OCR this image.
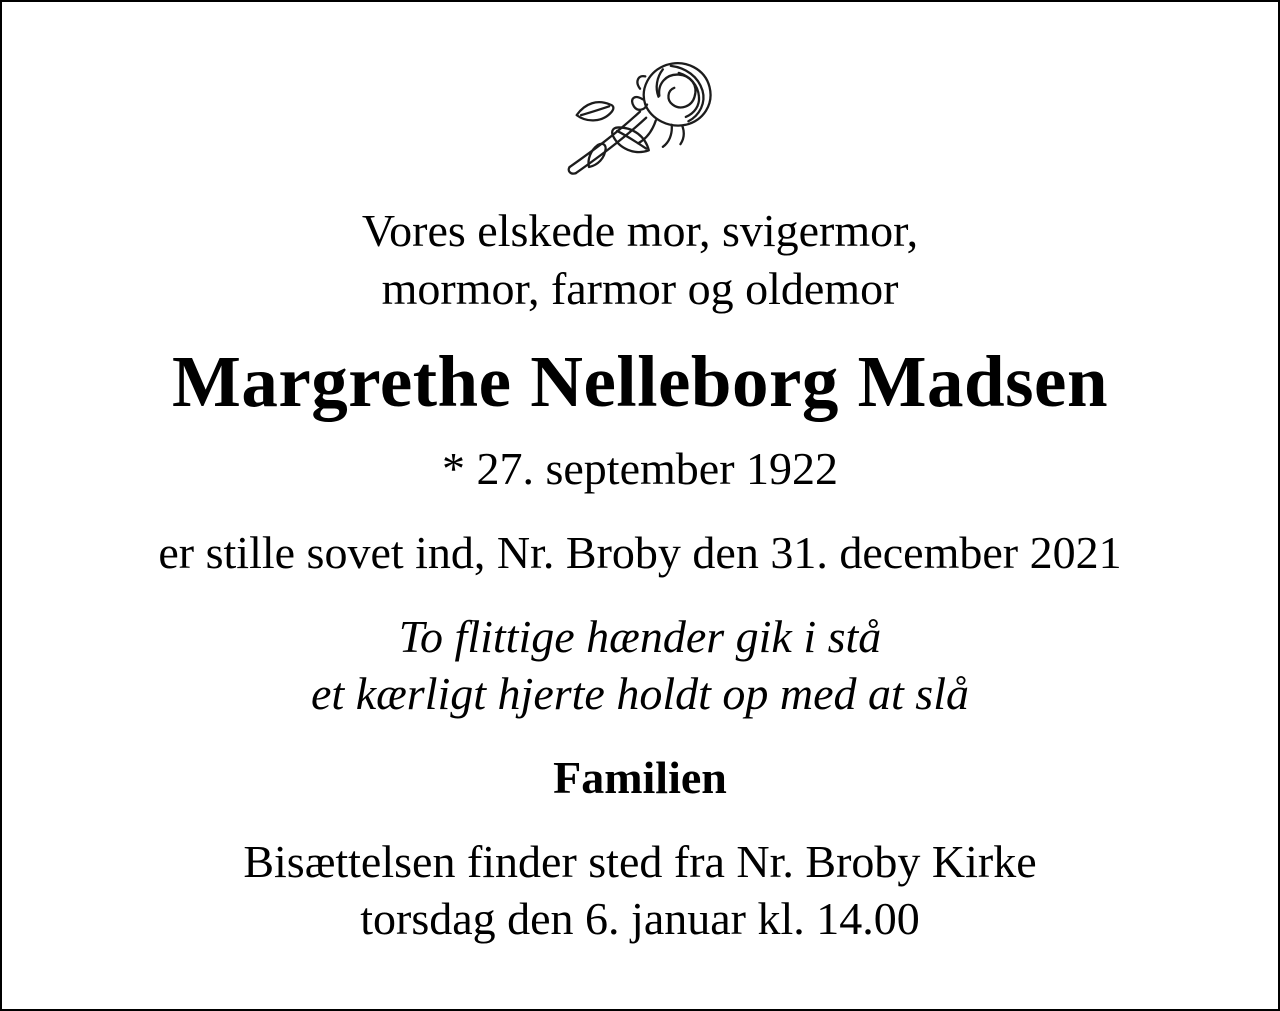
Vores elskede mor, svigermor,
mormor, farmor og oldemor

Margrethe Nelleborg Madsen

* 27. september 1922

er stille sovet ind, Nr. Broby den 31. december 2021

To flittige hænder gik i stå
et kærligt hjerte holdt op med at slå

Familien

Bisættelsen finder sted fra Nr. Broby Kirke
torsdag den 6. januar kl. 14.00
